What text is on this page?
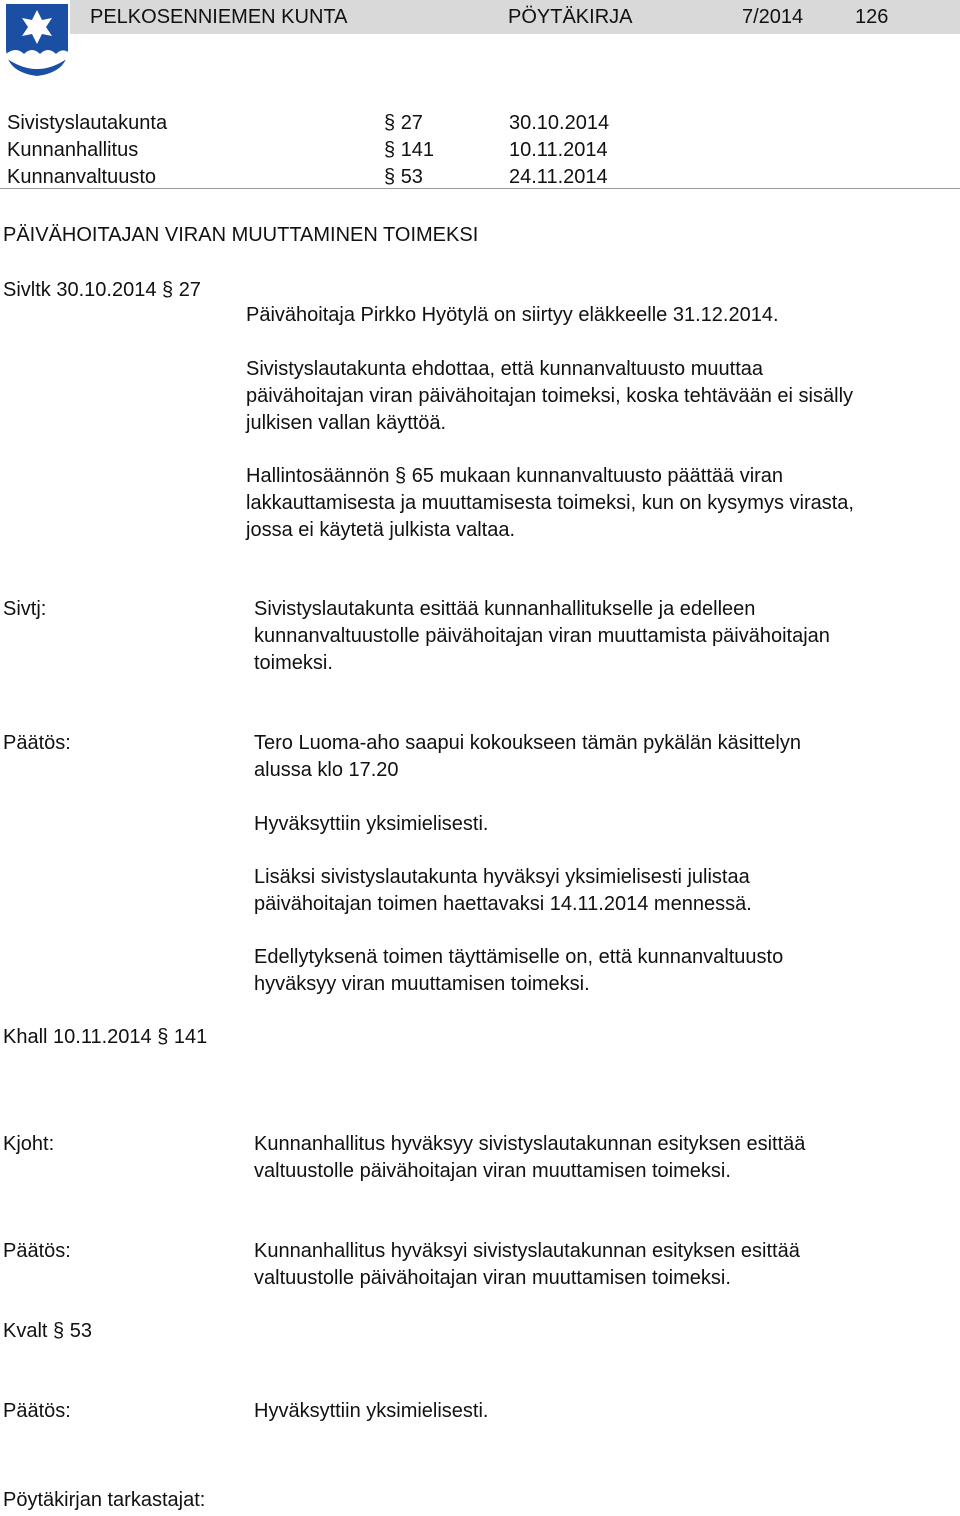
PELKOSENNIEMEN KUNTA	PÖYTÄKIRJA	7/2014	126
Sivistyslautakunta	§ 27	30.10.2014
Kunnanhallitus	§ 141	10.11.2014
Kunnanvaltuusto	§ 53	24.11.2014
PÄIVÄHOITAJAN VIRAN MUUTTAMINEN TOIMEKSI
Sivltk 30.10.2014 § 27
Päivähoitaja Pirkko Hyötylä on siirtyy eläkkeelle 31.12.2014.
Sivistyslautakunta ehdottaa, että kunnanvaltuusto muuttaa
päivähoitajan viran päivähoitajan toimeksi, koska tehtävään ei sisälly
julkisen vallan käyttöä.
Hallintosäännön § 65 mukaan kunnanvaltuusto päättää viran
lakkauttamisesta ja muuttamisesta toimeksi, kun on kysymys virasta,
jossa ei käytetä julkista valtaa.
Sivtj:	Sivistyslautakunta esittää kunnanhallitukselle ja edelleen
kunnanvaltuustolle päivähoitajan viran muuttamista päivähoitajan
toimeksi.
Päätös:	Tero Luoma-aho saapui kokoukseen tämän pykälän käsittelyn
alussa klo 17.20
Hyväksyttiin yksimielisesti.
Lisäksi sivistyslautakunta hyväksyi yksimielisesti julistaa
päivähoitajan toimen haettavaksi 14.11.2014 mennessä.
Edellytyksenä toimen täyttämiselle on, että kunnanvaltuusto
hyväksyy viran muuttamisen toimeksi.
Khall 10.11.2014 § 141
Kjoht:	Kunnanhallitus hyväksyy sivistyslautakunnan esityksen esittää
valtuustolle päivähoitajan viran muuttamisen toimeksi.
Päätös:	Kunnanhallitus hyväksyi sivistyslautakunnan esityksen esittää
valtuustolle päivähoitajan viran muuttamisen toimeksi.
Kvalt § 53
Päätös:	Hyväksyttiin yksimielisesti.
Pöytäkirjan tarkastajat:
